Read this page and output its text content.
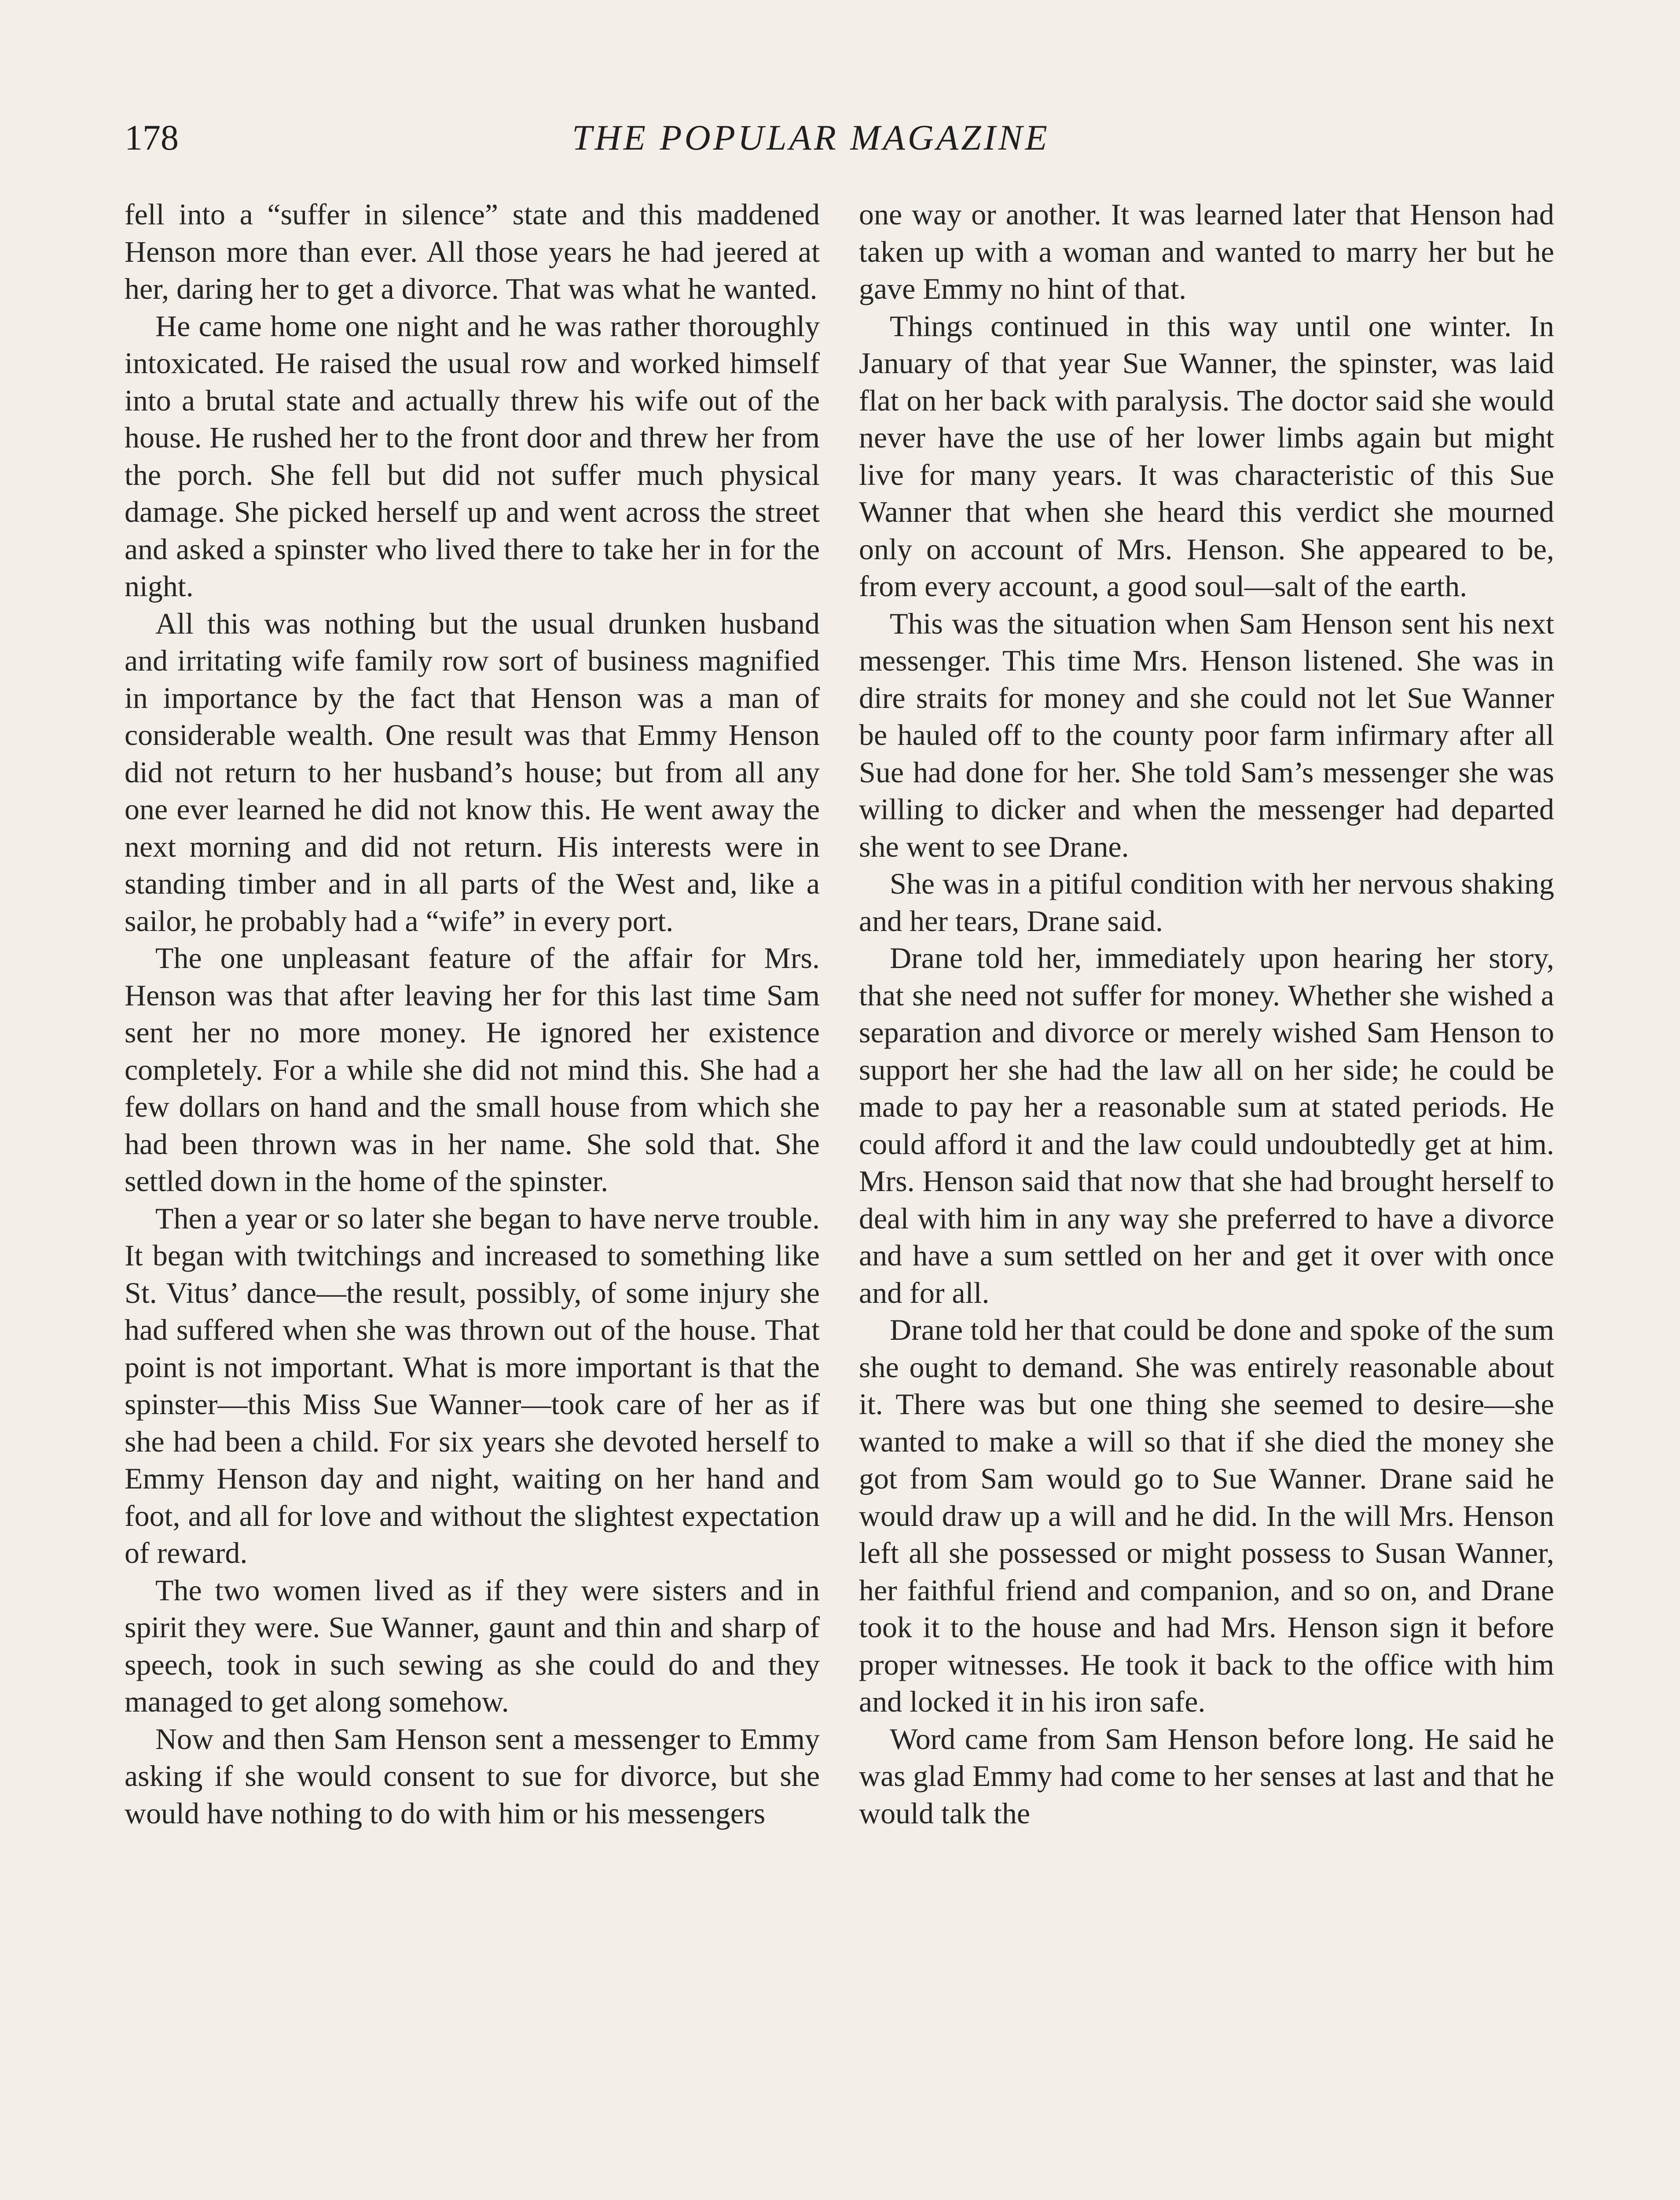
178	THE POPULAR MAGAZINE

fell into a “suffer in silence” state and this maddened Henson more than ever. All those years he had jeered at her, daring her to get a divorce. That was what he wanted.

He came home one night and he was rather thoroughly intoxicated. He raised the usual row and worked himself into a brutal state and actually threw his wife out of the house. He rushed her to the front door and threw her from the porch. She fell but did not suffer much physical damage. She picked herself up and went across the street and asked a spinster who lived there to take her in for the night.

All this was nothing but the usual drunken husband and irritating wife family row sort of business magnified in importance by the fact that Henson was a man of considerable wealth. One result was that Emmy Henson did not return to her husband’s house; but from all any one ever learned he did not know this. He went away the next morning and did not return. His interests were in standing timber and in all parts of the West and, like a sailor, he probably had a “wife” in every port.

The one unpleasant feature of the affair for Mrs. Henson was that after leaving her for this last time Sam sent her no more money. He ignored her existence completely. For a while she did not mind this. She had a few dollars on hand and the small house from which she had been thrown was in her name. She sold that. She settled down in the home of the spinster.

Then a year or so later she began to have nerve trouble. It began with twitchings and increased to something like St. Vitus’ dance—the result, possibly, of some injury she had suffered when she was thrown out of the house. That point is not important. What is more important is that the spinster—this Miss Sue Wanner—took care of her as if she had been a child. For six years she devoted herself to Emmy Henson day and night, waiting on her hand and foot, and all for love and without the slightest expectation of reward.

The two women lived as if they were sisters and in spirit they were. Sue Wanner, gaunt and thin and sharp of speech, took in such sewing as she could do and they managed to get along somehow.

Now and then Sam Henson sent a messenger to Emmy asking if she would consent to sue for divorce, but she would have nothing to do with him or his messengers

one way or another. It was learned later that Henson had taken up with a woman and wanted to marry her but he gave Emmy no hint of that.

Things continued in this way until one winter. In January of that year Sue Wanner, the spinster, was laid flat on her back with paralysis. The doctor said she would never have the use of her lower limbs again but might live for many years. It was characteristic of this Sue Wanner that when she heard this verdict she mourned only on account of Mrs. Henson. She appeared to be, from every account, a good soul—salt of the earth.

This was the situation when Sam Henson sent his next messenger. This time Mrs. Henson listened. She was in dire straits for money and she could not let Sue Wanner be hauled off to the county poor farm infirmary after all Sue had done for her. She told Sam’s messenger she was willing to dicker and when the messenger had departed she went to see Drane.

She was in a pitiful condition with her nervous shaking and her tears, Drane said.

Drane told her, immediately upon hearing her story, that she need not suffer for money. Whether she wished a separation and divorce or merely wished Sam Henson to support her she had the law all on her side; he could be made to pay her a reasonable sum at stated periods. He could afford it and the law could undoubtedly get at him. Mrs. Henson said that now that she had brought herself to deal with him in any way she preferred to have a divorce and have a sum settled on her and get it over with once and for all.

Drane told her that could be done and spoke of the sum she ought to demand. She was entirely reasonable about it. There was but one thing she seemed to desire—she wanted to make a will so that if she died the money she got from Sam would go to Sue Wanner. Drane said he would draw up a will and he did. In the will Mrs. Henson left all she possessed or might possess to Susan Wanner, her faithful friend and companion, and so on, and Drane took it to the house and had Mrs. Henson sign it before proper witnesses. He took it back to the office with him and locked it in his iron safe.

Word came from Sam Henson before long. He said he was glad Emmy had come to her senses at last and that he would talk the
